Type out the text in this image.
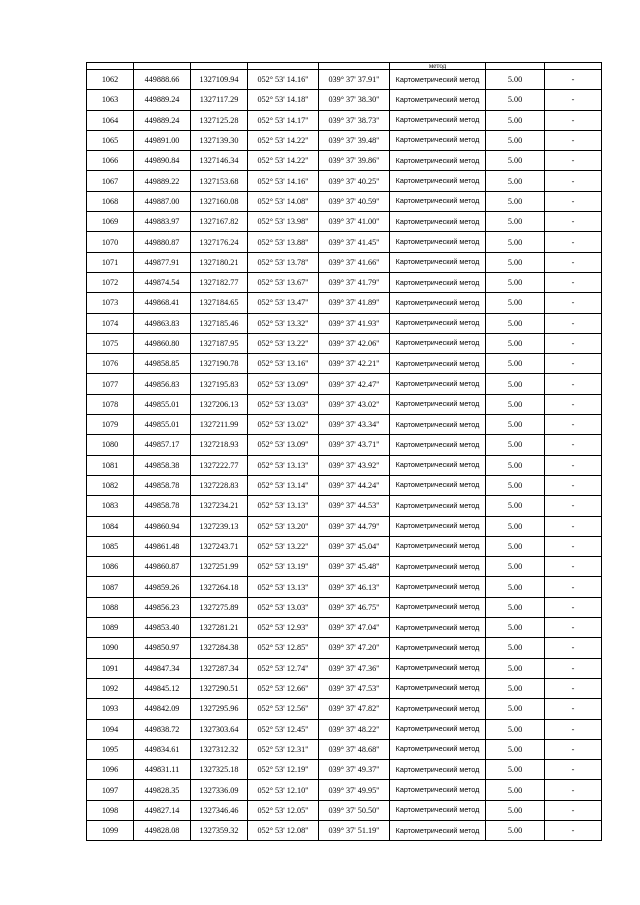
					метод		
1062	449888.66	1327109.94	052° 53' 14.16"	039° 37' 37.91"	Картометрический метод	5.00	-
1063	449889.24	1327117.29	052° 53' 14.18"	039° 37' 38.30"	Картометрический метод	5.00	-
1064	449889.24	1327125.28	052° 53' 14.17"	039° 37' 38.73"	Картометрический метод	5.00	-
1065	449891.00	1327139.30	052° 53' 14.22"	039° 37' 39.48"	Картометрический метод	5.00	-
1066	449890.84	1327146.34	052° 53' 14.22"	039° 37' 39.86"	Картометрический метод	5.00	-
1067	449889.22	1327153.68	052° 53' 14.16"	039° 37' 40.25"	Картометрический метод	5.00	-
1068	449887.00	1327160.08	052° 53' 14.08"	039° 37' 40.59"	Картометрический метод	5.00	-
1069	449883.97	1327167.82	052° 53' 13.98"	039° 37' 41.00"	Картометрический метод	5.00	-
1070	449880.87	1327176.24	052° 53' 13.88"	039° 37' 41.45"	Картометрический метод	5.00	-
1071	449877.91	1327180.21	052° 53' 13.78"	039° 37' 41.66"	Картометрический метод	5.00	-
1072	449874.54	1327182.77	052° 53' 13.67"	039° 37' 41.79"	Картометрический метод	5.00	-
1073	449868.41	1327184.65	052° 53' 13.47"	039° 37' 41.89"	Картометрический метод	5.00	-
1074	449863.83	1327185.46	052° 53' 13.32"	039° 37' 41.93"	Картометрический метод	5.00	-
1075	449860.80	1327187.95	052° 53' 13.22"	039° 37' 42.06"	Картометрический метод	5.00	-
1076	449858.85	1327190.78	052° 53' 13.16"	039° 37' 42.21"	Картометрический метод	5.00	-
1077	449856.83	1327195.83	052° 53' 13.09"	039° 37' 42.47"	Картометрический метод	5.00	-
1078	449855.01	1327206.13	052° 53' 13.03"	039° 37' 43.02"	Картометрический метод	5.00	-
1079	449855.01	1327211.99	052° 53' 13.02"	039° 37' 43.34"	Картометрический метод	5.00	-
1080	449857.17	1327218.93	052° 53' 13.09"	039° 37' 43.71"	Картометрический метод	5.00	-
1081	449858.38	1327222.77	052° 53' 13.13"	039° 37' 43.92"	Картометрический метод	5.00	-
1082	449858.78	1327228.83	052° 53' 13.14"	039° 37' 44.24"	Картометрический метод	5.00	-
1083	449858.78	1327234.21	052° 53' 13.13"	039° 37' 44.53"	Картометрический метод	5.00	-
1084	449860.94	1327239.13	052° 53' 13.20"	039° 37' 44.79"	Картометрический метод	5.00	-
1085	449861.48	1327243.71	052° 53' 13.22"	039° 37' 45.04"	Картометрический метод	5.00	-
1086	449860.87	1327251.99	052° 53' 13.19"	039° 37' 45.48"	Картометрический метод	5.00	-
1087	449859.26	1327264.18	052° 53' 13.13"	039° 37' 46.13"	Картометрический метод	5.00	-
1088	449856.23	1327275.89	052° 53' 13.03"	039° 37' 46.75"	Картометрический метод	5.00	-
1089	449853.40	1327281.21	052° 53' 12.93"	039° 37' 47.04"	Картометрический метод	5.00	-
1090	449850.97	1327284.38	052° 53' 12.85"	039° 37' 47.20"	Картометрический метод	5.00	-
1091	449847.34	1327287.34	052° 53' 12.74"	039° 37' 47.36"	Картометрический метод	5.00	-
1092	449845.12	1327290.51	052° 53' 12.66"	039° 37' 47.53"	Картометрический метод	5.00	-
1093	449842.09	1327295.96	052° 53' 12.56"	039° 37' 47.82"	Картометрический метод	5.00	-
1094	449838.72	1327303.64	052° 53' 12.45"	039° 37' 48.22"	Картометрический метод	5.00	-
1095	449834.61	1327312.32	052° 53' 12.31"	039° 37' 48.68"	Картометрический метод	5.00	-
1096	449831.11	1327325.18	052° 53' 12.19"	039° 37' 49.37"	Картометрический метод	5.00	-
1097	449828.35	1327336.09	052° 53' 12.10"	039° 37' 49.95"	Картометрический метод	5.00	-
1098	449827.14	1327346.46	052° 53' 12.05"	039° 37' 50.50"	Картометрический метод	5.00	-
1099	449828.08	1327359.32	052° 53' 12.08"	039° 37' 51.19"	Картометрический метод	5.00	-
